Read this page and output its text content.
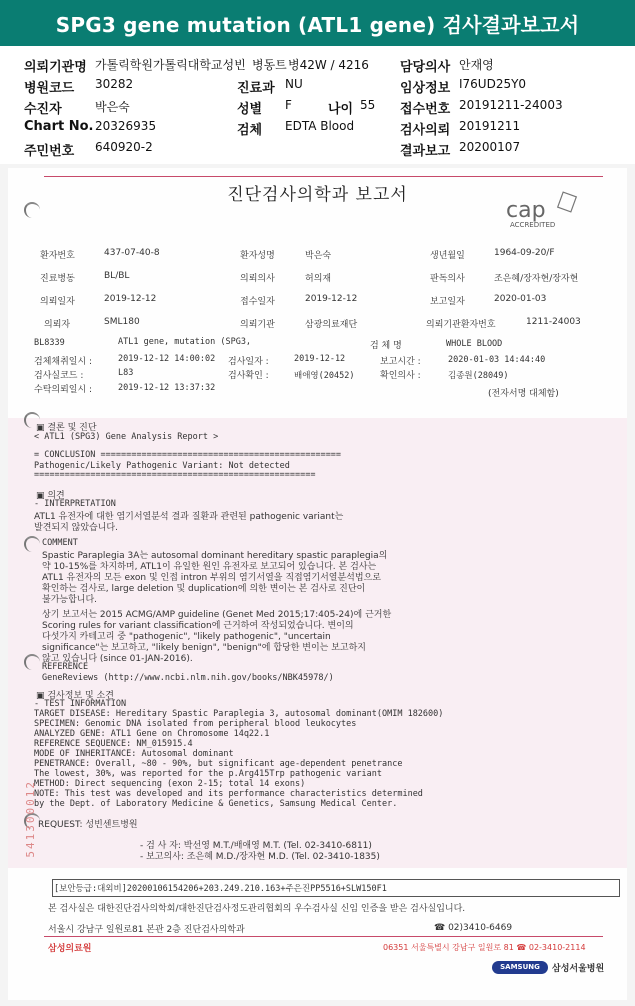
SPG3 gene mutation (ATL1 gene) 검사결과보고서
의뢰기관명 가톨릭학원가톨릭대학교성빈 병동트 병42W / 4216 담당의사 안재영
병원코드 30282	진료과 NU	임상정보 I76UD25Y0
수진자	박은숙	성별 F	나이 55 접수번호 20191211-24003
Chart No. 20326935	검체 EDTA Blood	검사의뢰 20191211
주민번호 640920-2	결과보고 20200107
진단검사의학과 보고서
cap
ACCREDITED
환자번호	437-07-40-8	환자성명	박은숙	생년월일	1964-09-20/F
진료병동	BL/BL	의뢰의사	허의재	판독의사	조은혜/장자현/장자현
의뢰일자	2019-12-12	접수일자	2019-12-12	보고일자	2020-01-03
의뢰자	SML180	의뢰기관	삼광의료재단	의뢰기관환자번호	1211-24003
BL8339	ATL1 gene, mutation (SPG3,	검 체 명	WHOLE BLOOD
검체채취일시 :	2019-12-12 14:00:02 검사일자 :	2019-12-12	보고시간 :	2020-01-03 14:44:40
검사실코드 :	L83	검사확인 :	배애영(20452)	확인의사 :	김종원(28049)
수탁의뢰일시 :	2019-12-12 13:37:32
(전자서명 대체함)
▣ 결론 및 진단
< ATL1 (SPG3) Gene Analysis Report >
= CONCLUSION ===============================================
Pathogenic/Likely Pathogenic Variant: Not detected
=======================================================
▣ 의견
- INTERPRETATION
ATL1 유전자에 대한 염기서열분석 결과 질환과 관련된 pathogenic variant는
발견되지 않았습니다.
COMMENT
Spastic Paraplegia 3A는 autosomal dominant hereditary spastic paraplegia의
약 10-15%를 차지하며, ATL1이 유일한 원인 유전자로 보고되어 있습니다. 본 검사는
ATL1 유전자의 모든 exon 및 인접 intron 부위의 염기서열을 직접염기서열분석법으로
확인하는 검사로, large deletion 및 duplication에 의한 변이는 본 검사로 진단이
불가능합니다.
상기 보고서는 2015 ACMG/AMP guideline (Genet Med 2015;17:405-24)에 근거한
Scoring rules for variant classification에 근거하여 작성되었습니다. 변이의
다섯가지 카테고리 중 "pathogenic", "likely pathogenic", "uncertain
significance"는 보고하고, "likely benign", "benign"에 합당한 변이는 보고하지
않고 있습니다 (since 01-JAN-2016).
REFERENCE
GeneReviews (http://www.ncbi.nlm.nih.gov/books/NBK45978/)
▣ 검사정보 및 소견
- TEST INFORMATION
TARGET DISEASE: Hereditary Spastic Paraplegia 3, autosomal dominant(OMIM 182600)
SPECIMEN: Genomic DNA isolated from peripheral blood leukocytes
ANALYZED GENE: ATL1 Gene on Chromosome 14q22.1
REFERENCE SEQUENCE: NM_015915.4
MODE OF INHERITANCE: Autosomal dominant
PENETRANCE: Overall, ~80 - 90%, but significant age-dependent penetrance
The lowest, 30%, was reported for the p.Arg415Trp pathogenic variant
METHOD: Direct sequencing (exon 2-15; total 14 exons)
NOTE: This test was developed and its performance characteristics determined
by the Dept. of Laboratory Medicine & Genetics, Samsung Medical Center.
REQUEST: 성빈센트병원
- 검 사 자: 박선영 M.T./배애영 M.T. (Tel. 02-3410-6811)
- 보고의사: 조은혜 M.D./장자현 M.D. (Tel. 02-3410-1835)
541300012
[보안등급:대외비]20200106154206+203.249.210.163+주은진PP5516+SLW150F1
본 검사실은 대한진단검사의학회/대한진단검사정도관리협회의 우수검사실 신임 인증을 받은 검사실입니다.
서울시 강남구 일원로81 본관 2층 진단검사의학과	☎ 02)3410-6469
삼성의료원	06351 서울특별시 강남구 일원로 81 ☎ 02-3410-2114
SAMSUNG	삼성서울병원
